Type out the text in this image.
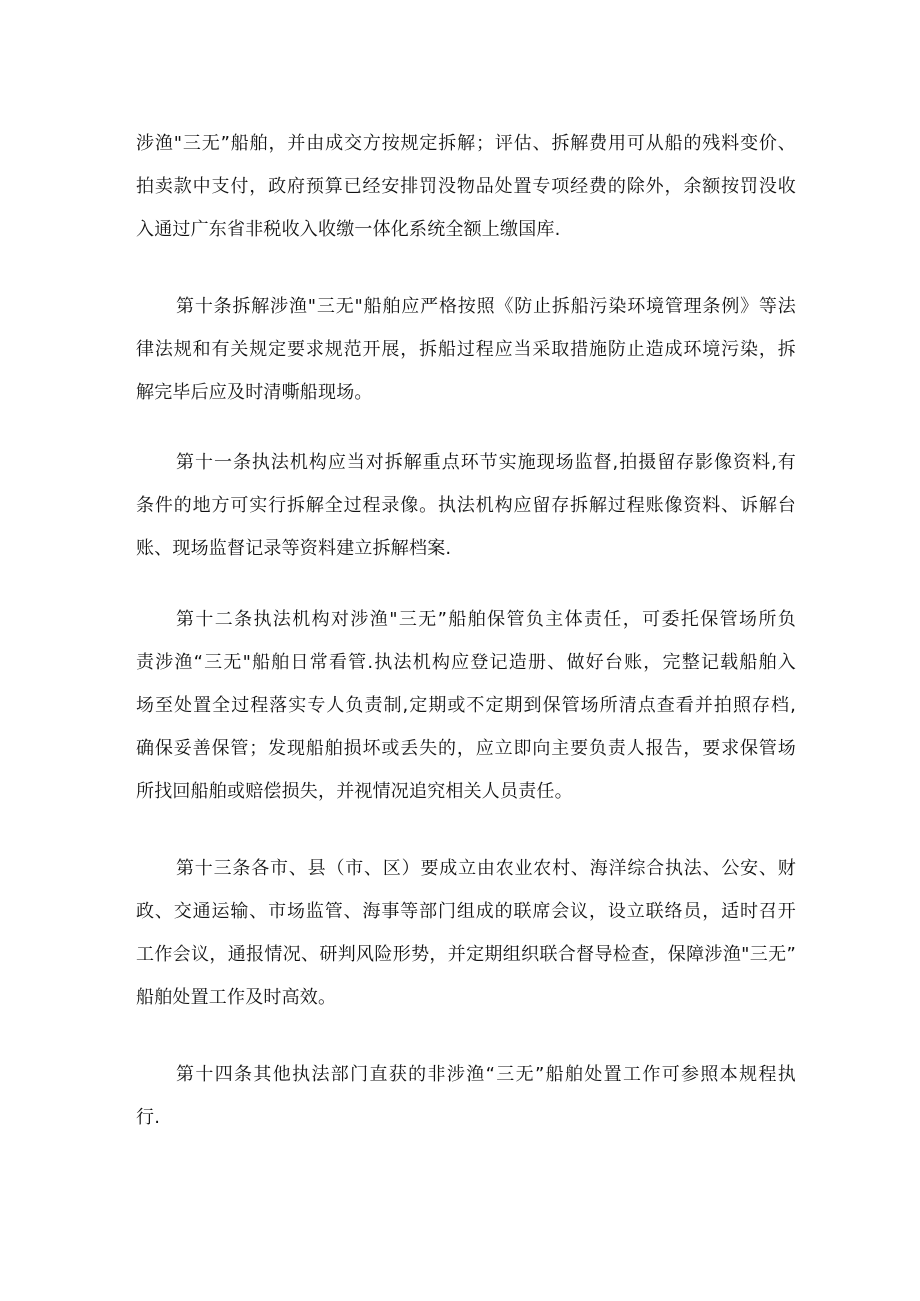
涉渔"三无”船舶，并由成交方按规定拆解；评估、拆解费用可从船的残料变价、
拍卖款中支付，政府预算已经安排罚没物品处置专项经费的除外，余额按罚没收
入通过广东省非税收入收缴一体化系统全额上缴国库.
第十条拆解涉渔"三无"船舶应严格按照《防止拆船污染环境管理条例》等法
律法规和有关规定要求规范开展，拆船过程应当采取措施防止造成环境污染，拆
解完毕后应及时清嘶船现场。
第十一条执法机构应当对拆解重点环节实施现场监督,拍摄留存影像资料,有
条件的地方可实行拆解全过程录像。执法机构应留存拆解过程账像资料、诉解台
账、现场监督记录等资料建立拆解档案.
第十二条执法机构对涉渔"三无”船舶保管负主体责任，可委托保管场所负
责涉渔“三无"船舶日常看管.执法机构应登记造册、做好台账，完整记载船舶入
场至处置全过程落实专人负责制,定期或不定期到保管场所清点查看并拍照存档,
确保妥善保管；发现船舶损坏或丢失的，应立即向主要负责人报告，要求保管场
所找回船舶或赔偿损失，并视情况追究相关人员责任。
第十三条各市、县（市、区）要成立由农业农村、海洋综合执法、公安、财
政、交通运输、市场监管、海事等部门组成的联席会议，设立联络员，适时召开
工作会议，通报情况、研判风险形势，并定期组织联合督导检查，保障涉渔"三无”
船舶处置工作及时高效。
第十四条其他执法部门直获的非涉渔“三无”船舶处置工作可参照本规程执
行.
